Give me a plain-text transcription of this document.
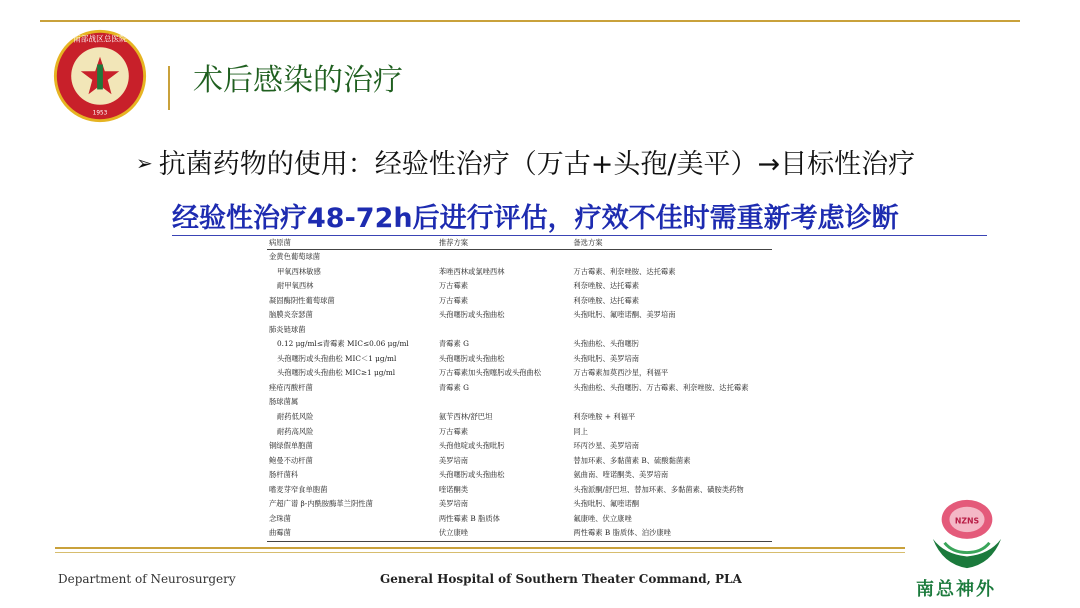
1953
南部战区总医院
术后感染的治疗
➢ 抗菌药物的使用：经验性治疗（万古+头孢/美平）→目标性治疗
经验性治疗48-72h后进行评估，疗效不佳时需重新考虑诊断
病原菌	推荐方案	备选方案
金黄色葡萄球菌		
甲氧西林敏感	苯唑西林或氯唑西林	万古霉素、利奈唑胺、达托霉素
耐甲氧西林	万古霉素	利奈唑胺、达托霉素
凝固酶阴性葡萄球菌	万古霉素	利奈唑胺、达托霉素
脑膜炎奈瑟菌	头孢噻肟或头孢曲松	头孢吡肟、氟喹诺酮、美罗培南
肺炎链球菌		
0.12 μg/ml≤青霉素 MIC≤0.06 μg/ml	青霉素 G	头孢曲松、头孢噻肟
头孢噻肟或头孢曲松 MIC＜1 μg/ml	头孢噻肟或头孢曲松	头孢吡肟、美罗培南
头孢噻肟或头孢曲松 MIC≥1 μg/ml	万古霉素加头孢噻肟或头孢曲松	万古霉素加莫西沙星，利福平
痤疮丙酸杆菌	青霉素 G	头孢曲松、头孢噻肟、万古霉素、利奈唑胺、达托霉素
肠球菌属		
耐药低风险	氨苄西林/舒巴坦	利奈唑胺 + 利福平
耐药高风险	万古霉素	同上
铜绿假单胞菌	头孢他啶或头孢吡肟	环丙沙星、美罗培南
鲍曼不动杆菌	美罗培南	替加环素、多黏菌素 B、硫酸黏菌素
肠杆菌科	头孢噻肟或头孢曲松	氨曲南、喹诺酮类、美罗培南
嗜麦芽窄食单胞菌	喹诺酮类	头孢派酮/舒巴坦、替加环素、多黏菌素、磺胺类药物
产超广谱 β-内酰胺酶革兰阴性菌	美罗培南	头孢吡肟、氟喹诺酮
念珠菌	两性霉素 B 脂质体	氟康唑、伏立康唑
曲霉菌	伏立康唑	两性霉素 B 脂质体、泊沙康唑
Department of Neurosurgery	General Hospital of Southern Theater Command, PLA
NZNS
南总神外
